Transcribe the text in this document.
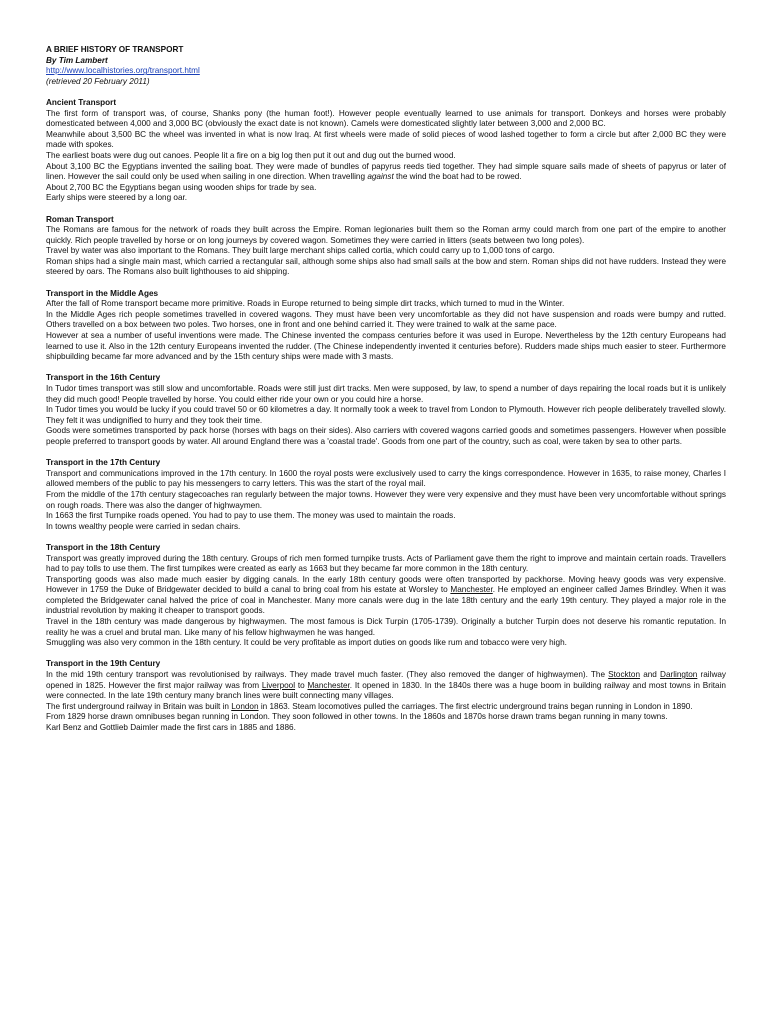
A BRIEF HISTORY OF TRANSPORT

By Tim Lambert

http://www.localhistories.org/transport.html

(retrieved 20 February 2011)

Ancient Transport

The first form of transport was, of course, Shanks pony (the human foot!). However people eventually learned to use animals for transport. Donkeys and horses were probably domesticated between 4,000 and 3,000 BC (obviously the exact date is not known). Camels were domesticated slightly later between 3,000 and 2,000 BC.

Meanwhile about 3,500 BC the wheel was invented in what is now Iraq. At first wheels were made of solid pieces of wood lashed together to form a circle but after 2,000 BC they were made with spokes.

The earliest boats were dug out canoes. People lit a fire on a big log then put it out and dug out the burned wood.

About 3,100 BC the Egyptians invented the sailing boat. They were made of bundles of papyrus reeds tied together. They had simple square sails made of sheets of papyrus or later of linen. However the sail could only be used when sailing in one direction. When travelling against the wind the boat had to be rowed.

About 2,700 BC the Egyptians began using wooden ships for trade by sea.

Early ships were steered by a long oar.

Roman Transport

The Romans are famous for the network of roads they built across the Empire. Roman legionaries built them so the Roman army could march from one part of the empire to another quickly. Rich people travelled by horse or on long journeys by covered wagon. Sometimes they were carried in litters (seats between two long poles).

Travel by water was also important to the Romans. They built large merchant ships called cortia, which could carry up to 1,000 tons of cargo.

Roman ships had a single main mast, which carried a rectangular sail, although some ships also had small sails at the bow and stern. Roman ships did not have rudders. Instead they were steered by oars. The Romans also built lighthouses to aid shipping.

Transport in the Middle Ages

After the fall of Rome transport became more primitive. Roads in Europe returned to being simple dirt tracks, which turned to mud in the Winter.

In the Middle Ages rich people sometimes travelled in covered wagons. They must have been very uncomfortable as they did not have suspension and roads were bumpy and rutted. Others travelled on a box between two poles. Two horses, one in front and one behind carried it. They were trained to walk at the same pace.

However at sea a number of useful inventions were made. The Chinese invented the compass centuries before it was used in Europe. Nevertheless by the 12th century Europeans had learned to use it. Also in the 12th century Europeans invented the rudder. (The Chinese independently invented it centuries before). Rudders made ships much easier to steer. Furthermore shipbuilding became far more advanced and by the 15th century ships were made with 3 masts.

Transport in the 16th Century

In Tudor times transport was still slow and uncomfortable. Roads were still just dirt tracks. Men were supposed, by law, to spend a number of days repairing the local roads but it is unlikely they did much good! People travelled by horse. You could either ride your own or you could hire a horse.

In Tudor times you would be lucky if you could travel 50 or 60 kilometres a day. It normally took a week to travel from London to Plymouth. However rich people deliberately travelled slowly. They felt it was undignified to hurry and they took their time.

Goods were sometimes transported by pack horse (horses with bags on their sides). Also carriers with covered wagons carried goods and sometimes passengers. However when possible people preferred to transport goods by water. All around England there was a 'coastal trade'. Goods from one part of the country, such as coal, were taken by sea to other parts.

Transport in the 17th Century

Transport and communications improved in the 17th century. In 1600 the royal posts were exclusively used to carry the kings correspondence. However in 1635, to raise money, Charles I allowed members of the public to pay his messengers to carry letters. This was the start of the royal mail.

From the middle of the 17th century stagecoaches ran regularly between the major towns. However they were very expensive and they must have been very uncomfortable without springs on rough roads. There was also the danger of highwaymen.

In 1663 the first Turnpike roads opened. You had to pay to use them. The money was used to maintain the roads.

In towns wealthy people were carried in sedan chairs.

Transport in the 18th Century

Transport was greatly improved during the 18th century. Groups of rich men formed turnpike trusts. Acts of Parliament gave them the right to improve and maintain certain roads. Travellers had to pay tolls to use them. The first turnpikes were created as early as 1663 but they became far more common in the 18th century.

Transporting goods was also made much easier by digging canals. In the early 18th century goods were often transported by packhorse. Moving heavy goods was very expensive. However in 1759 the Duke of Bridgewater decided to build a canal to bring coal from his estate at Worsley to Manchester. He employed an engineer called James Brindley. When it was completed the Bridgewater canal halved the price of coal in Manchester. Many more canals were dug in the late 18th century and the early 19th century. They played a major role in the industrial revolution by making it cheaper to transport goods.

Travel in the 18th century was made dangerous by highwaymen. The most famous is Dick Turpin (1705-1739). Originally a butcher Turpin does not deserve his romantic reputation. In reality he was a cruel and brutal man. Like many of his fellow highwaymen he was hanged.

Smuggling was also very common in the 18th century. It could be very profitable as import duties on goods like rum and tobacco were very high.

Transport in the 19th Century

In the mid 19th century transport was revolutionised by railways. They made travel much faster. (They also removed the danger of highwaymen). The Stockton and Darlington railway opened in 1825. However the first major railway was from Liverpool to Manchester. It opened in 1830. In the 1840s there was a huge boom in building railway and most towns in Britain were connected. In the late 19th century many branch lines were built connecting many villages.

The first underground railway in Britain was built in London in 1863. Steam locomotives pulled the carriages. The first electric underground trains began running in London in 1890.

From 1829 horse drawn omnibuses began running in London. They soon followed in other towns. In the 1860s and 1870s horse drawn trams began running in many towns.

Karl Benz and Gottlieb Daimler made the first cars in 1885 and 1886.
